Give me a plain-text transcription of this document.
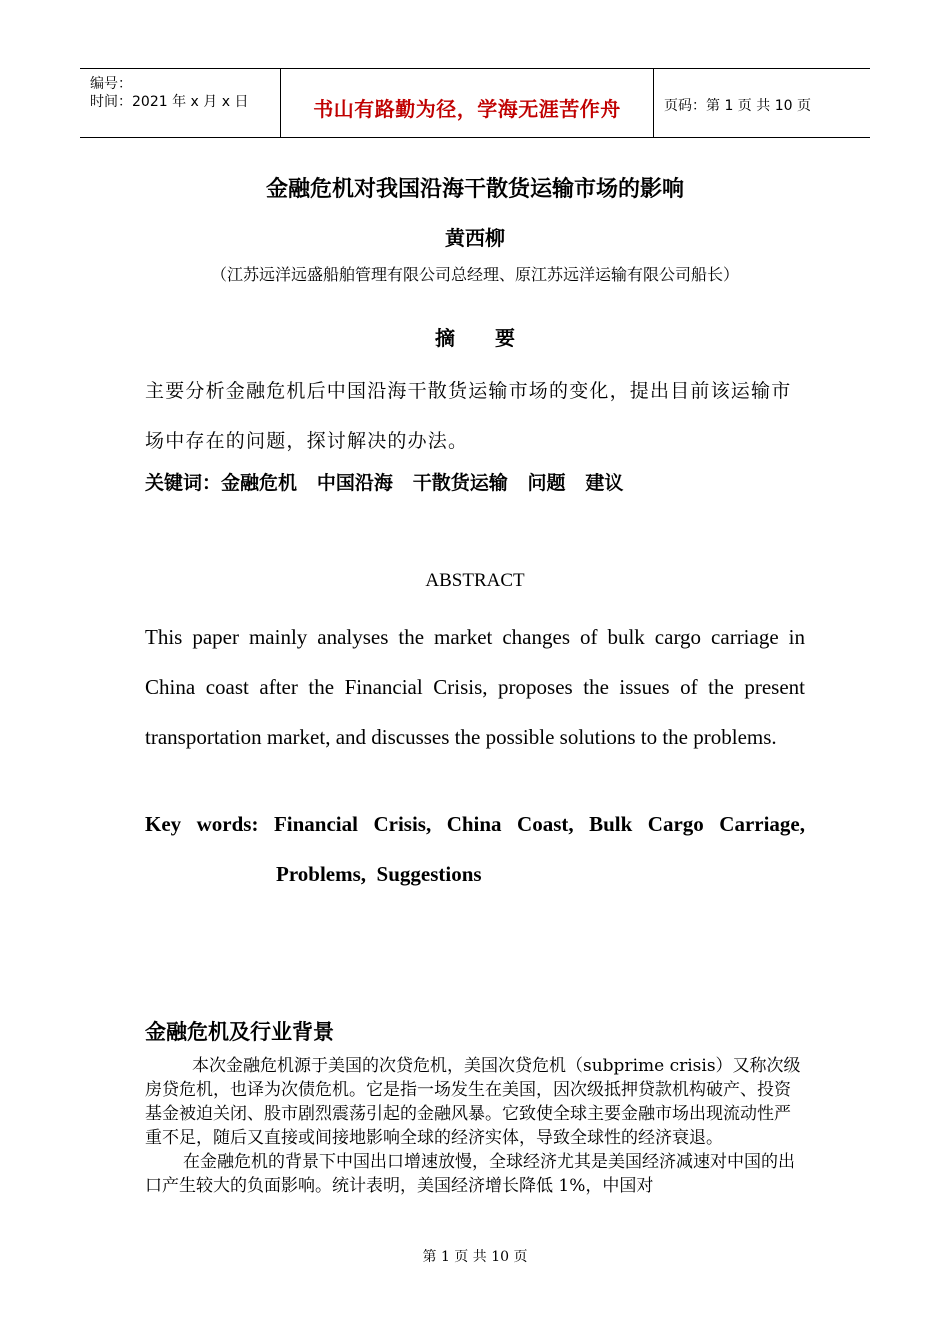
编号：
时间：2021 年 x 月 x 日	书山有路勤为径，学海无涯苦作舟	页码：第 1 页 共 10 页
金融危机对我国沿海干散货运输市场的影响
黄西柳
（江苏远洋远盛船舶管理有限公司总经理、原江苏远洋运输有限公司船长）
摘要
主要分析金融危机后中国沿海干散货运输市场的变化，提出目前该运输市场中存在的问题，探讨解决的办法。
关键词：金融危机   中国沿海   干散货运输   问题   建议
ABSTRACT
This paper mainly analyses the market changes of bulk cargo carriage in China coast after the Financial Crisis, proposes the issues of the present transportation market, and discusses the possible solutions to the problems.
Key words: Financial Crisis, China Coast, Bulk Cargo Carriage,
Problems,  Suggestions
金融危机及行业背景

本次金融危机源于美国的次贷危机，美国次贷危机（subprime crisis）又称次级房贷危机，也译为次债危机。它是指一场发生在美国，因次级抵押贷款机构破产、投资基金被迫关闭、股市剧烈震荡引起的金融风暴。它致使全球主要金融市场出现流动性严重不足，随后又直接或间接地影响全球的经济实体，导致全球性的经济衰退。

在金融危机的背景下中国出口增速放慢，全球经济尤其是美国经济减速对中国的出口产生较大的负面影响。统计表明，美国经济增长降低 1%，中国对

第 1 页 共 10 页
